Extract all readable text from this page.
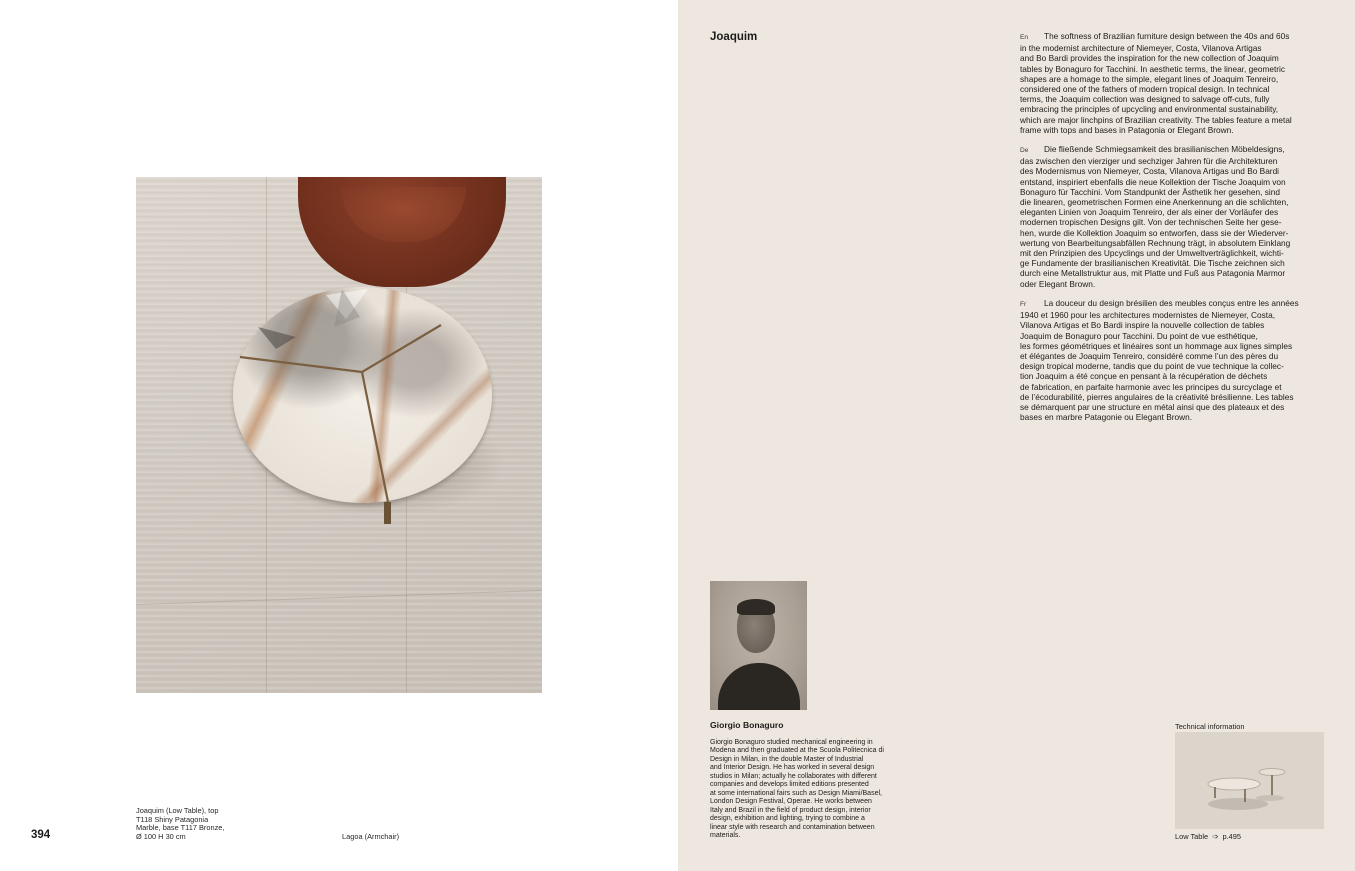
Joaquim (Low Table), top
T118 Shiny Patagonia
Marble, base T117 Bronze,
Ø 100 H 30 cm	Lagoa (Armchair)
394
Joaquim	En The softness of Brazilian furniture design between the 40s and 60s
in the modernist architecture of Niemeyer, Costa, Vilanova Artigas
and Bo Bardi provides the inspiration for the new collection of Joaquim
tables by Bonaguro for Tacchini. In aesthetic terms, the linear, geometric
shapes are a homage to the simple, elegant lines of Joaquim Tenreiro,
considered one of the fathers of modern tropical design. In technical
terms, the Joaquim collection was designed to salvage off-cuts, fully
embracing the principles of upcycling and environmental sustainability,
which are major linchpins of Brazilian creativity. The tables feature a metal
frame with tops and bases in Patagonia or Elegant Brown.
De Die fließende Schmiegsamkeit des brasilianischen Möbeldesigns,
das zwischen den vierziger und sechziger Jahren für die Architekturen
des Modernismus von Niemeyer, Costa, Vilanova Artigas und Bo Bardi
entstand, inspiriert ebenfalls die neue Kollektion der Tische Joaquim von
Bonaguro für Tacchini. Vom Standpunkt der Ästhetik her gesehen, sind
die linearen, geometrischen Formen eine Anerkennung an die schlichten,
eleganten Linien von Joaquim Tenreiro, der als einer der Vorläufer des
modernen tropischen Designs gilt. Von der technischen Seite her gese-
hen, wurde die Kollektion Joaquim so entworfen, dass sie der Wiederver-
wertung von Bearbeitungsabfällen Rechnung trägt, in absolutem Einklang
mit den Prinzipien des Upcyclings und der Umweltverträglichkeit, wichti-
ge Fundamente der brasilianischen Kreativität. Die Tische zeichnen sich
durch eine Metallstruktur aus, mit Platte und Fuß aus Patagonia Marmor
oder Elegant Brown.
Fr La douceur du design brésilien des meubles conçus entre les années
1940 et 1960 pour les architectures modernistes de Niemeyer, Costa,
Vilanova Artigas et Bo Bardi inspire la nouvelle collection de tables
Joaquim de Bonaguro pour Tacchini. Du point de vue esthétique,
les formes géométriques et linéaires sont un hommage aux lignes simples
et élégantes de Joaquim Tenreiro, considéré comme l’un des pères du
design tropical moderne, tandis que du point de vue technique la collec-
tion Joaquim a été conçue en pensant à la récupération de déchets
de fabrication, en parfaite harmonie avec les principes du surcyclage et
de l’écodurabilité, pierres angulaires de la créativité brésilienne. Les tables
se démarquent par une structure en métal ainsi que des plateaux et des
bases en marbre Patagonie ou Elegant Brown.
Giorgio Bonaguro
Giorgio Bonaguro studied mechanical engineering in
Modena and then graduated at the Scuola Politecnica di
Design in Milan, in the double Master of Industrial
and Interior Design. He has worked in several design
studios in Milan; actually he collaborates with different
companies and develops limited editions presented
at some international fairs such as Design Miami/Basel,
London Design Festival, Operae. He works between
Italy and Brazil in the field of product design, interior
design, exhibition and lighting, trying to combine a
linear style with research and contamination between
materials.
Technical information
Low Table ➩ p.495
